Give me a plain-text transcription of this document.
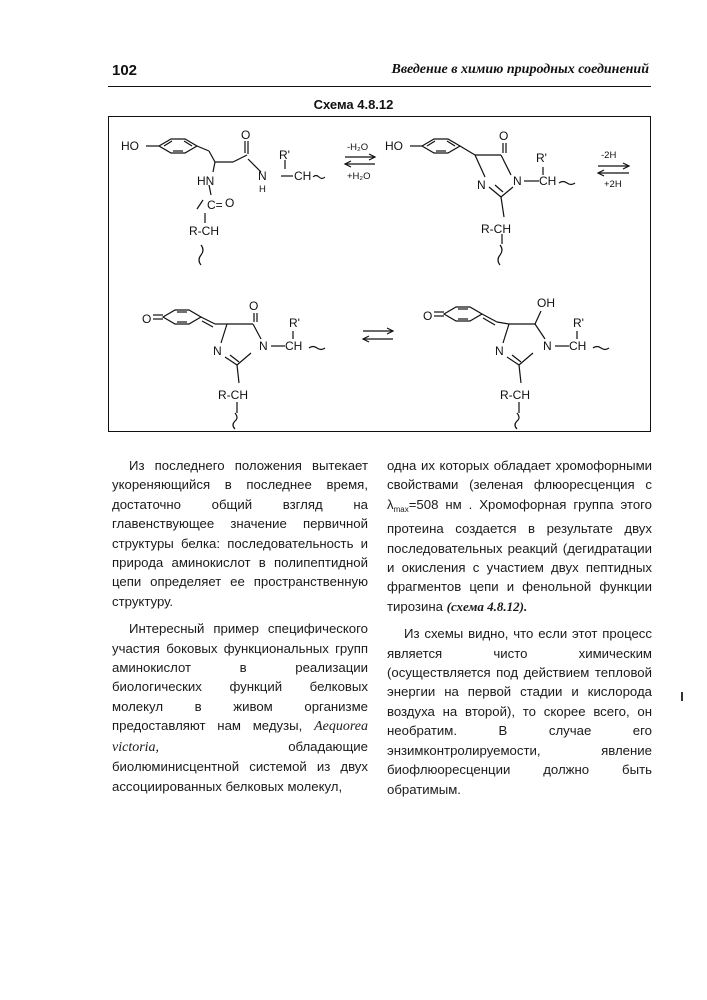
102	Введение в химию природных соединений
Схема 4.8.12
HO
O
R'
N
H
CH
HN
C= O
R-CH
-H₂O
+H₂O
HO
O
R'
N CH
N
R-CH
-2H
+2H
O
O
R'
N CH
N
R-CH
O
OH
R'
N CH
N
R-CH

Из последнего положения вытекает укореняющийся в последнее время, достаточно общий взгляд на главенствующее значение первичной структуры белка: последовательность и природа аминокислот в полипептидной цепи определяет ее пространственную структуру.

Интересный пример специфического участия боковых функциональных групп аминокислот в реализации биологических функций белковых молекул в живом организме предоставляют нам медузы, Aequorea victoria, обладающие биолюминисцентной системой из двух ассоциированных белковых молекул,

одна их которых обладает хромофорными свойствами (зеленая флюоресценция с $\lambda_{max}=508$ нм . Хромофорная группа этого протеина создается в результате двух последовательных реакций (дегидратации и окисления с участием двух пептидных фрагментов цепи и фенольной функции тирозина (схема 4.8.12).

Из схемы видно, что если этот процесс является чисто химическим (осуществляется под действием тепловой энергии на первой стадии и кислорода воздуха на второй), то скорее всего, он необратим. В случае его энзимконтролируемости, явление биофлюоресценции должно быть обратимым.
